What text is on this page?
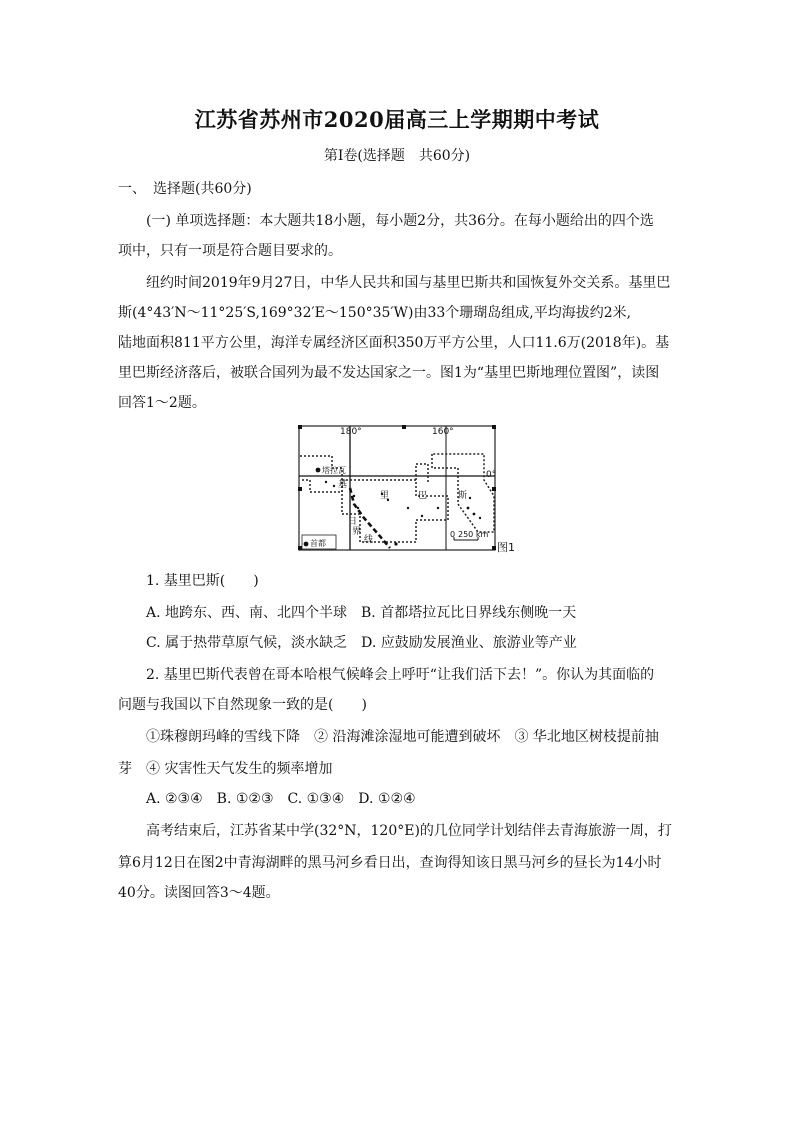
江苏省苏州市2020届高三上学期期中考试
第Ⅰ卷(选择题　共60分)
一、　选择题(共60分)
(一) 单项选择题：本大题共18小题，每小题2分，共36分。在每小题给出的四个选
项中，只有一项是符合题目要求的。
纽约时间2019年9月27日，中华人民共和国与基里巴斯共和国恢复外交关系。基里巴
斯(4°43′N～11°25′S,169°32′E～150°35′W)由33个珊瑚岛组成,平均海拔约2米,
陆地面积811平方公里，海洋专属经济区面积350万平方公里，人口11.6万(2018年)。基
里巴斯经济落后，被联合国列为最不发达国家之一。图1为“基里巴斯地理位置图”，读图
回答1～2题。
180°	160°
0°
塔拉瓦
基
里	巴	斯
日
界
线
首都
0 250 km
图1
1. 基里巴斯(　　)
A. 地跨东、西、南、北四个半球　B. 首都塔拉瓦比日界线东侧晚一天
C. 属于热带草原气候，淡水缺乏　D. 应鼓励发展渔业、旅游业等产业
2. 基里巴斯代表曾在哥本哈根气候峰会上呼吁“让我们活下去！”。你认为其面临的
问题与我国以下自然现象一致的是(　　)
①珠穆朗玛峰的雪线下降　② 沿海滩涂湿地可能遭到破坏　③ 华北地区树枝提前抽
芽　④ 灾害性天气发生的频率增加
A. ②③④　B. ①②③　C. ①③④　D. ①②④
高考结束后，江苏省某中学(32°N，120°E)的几位同学计划结伴去青海旅游一周，打
算6月12日在图2中青海湖畔的黑马河乡看日出，查询得知该日黑马河乡的昼长为14小时
40分。读图回答3～4题。
